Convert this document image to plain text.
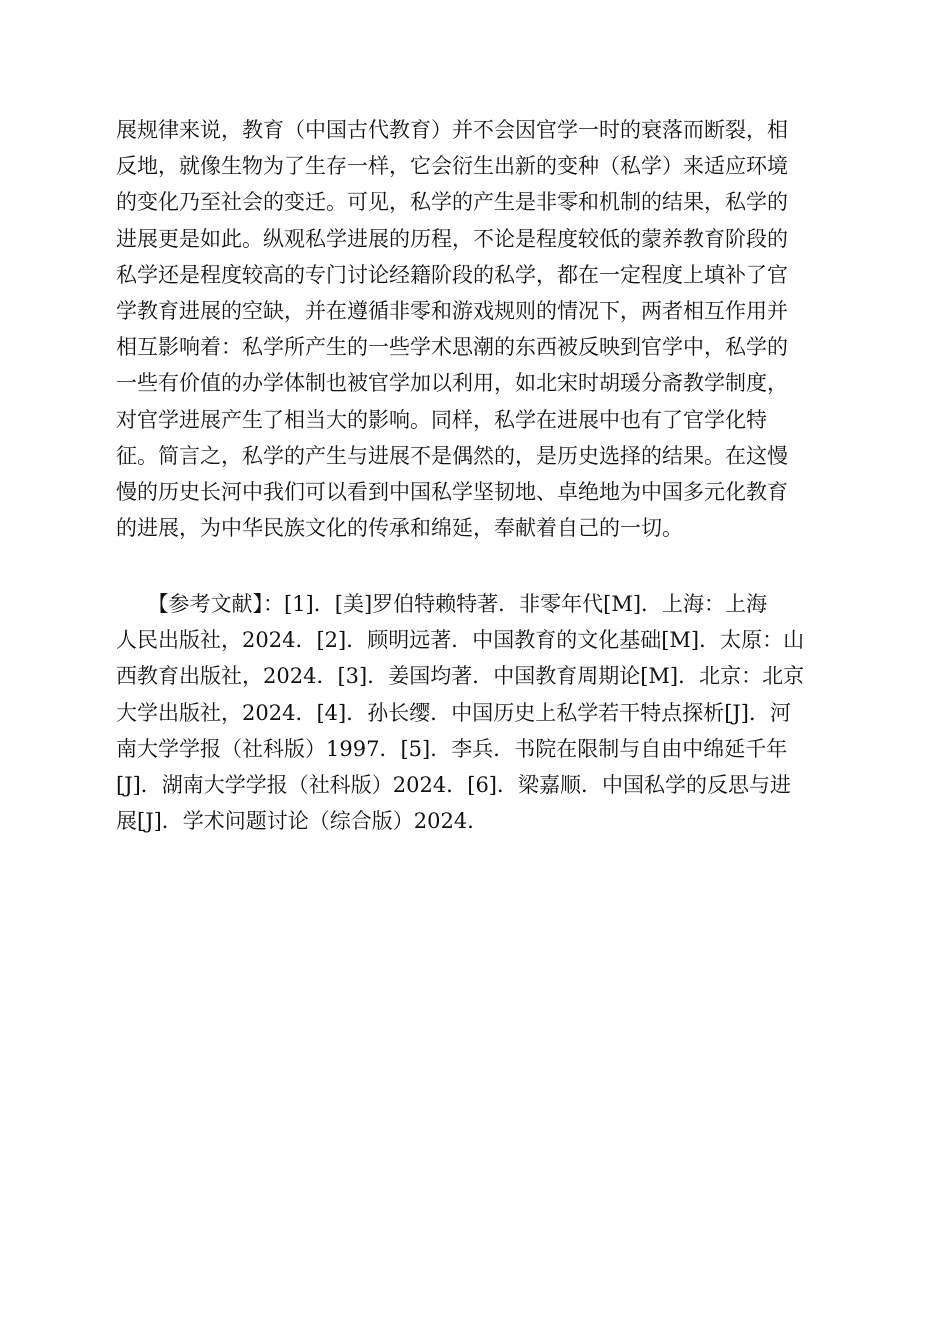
展规律来说，教育（中国古代教育）并不会因官学一时的衰落而断裂，相
反地，就像生物为了生存一样，它会衍生出新的变种（私学）来适应环境
的变化乃至社会的变迁。可见，私学的产生是非零和机制的结果，私学的
进展更是如此。纵观私学进展的历程，不论是程度较低的蒙养教育阶段的
私学还是程度较高的专门讨论经籍阶段的私学，都在一定程度上填补了官
学教育进展的空缺，并在遵循非零和游戏规则的情况下，两者相互作用并
相互影响着：私学所产生的一些学术思潮的东西被反映到官学中，私学的
一些有价值的办学体制也被官学加以利用，如北宋时胡瑗分斋教学制度，
对官学进展产生了相当大的影响。同样，私学在进展中也有了官学化特
征。简言之，私学的产生与进展不是偶然的，是历史选择的结果。在这慢
慢的历史长河中我们可以看到中国私学坚韧地、卓绝地为中国多元化教育
的进展，为中华民族文化的传承和绵延，奉献着自己的一切。
　　【参考文献】：[1]．[美]罗伯特赖特著．非零年代[M]．上海：上海
人民出版社，2024．[2]．顾明远著．中国教育的文化基础[M]．太原：山
西教育出版社，2024．[3]．姜国均著．中国教育周期论[M]．北京：北京
大学出版社，2024．[4]．孙长缨．中国历史上私学若干特点探析[J]．河
南大学学报（社科版）1997．[5]．李兵．书院在限制与自由中绵延千年
[J]．湖南大学学报（社科版）2024．[6]．梁嘉顺．中国私学的反思与进
展[J]．学术问题讨论（综合版）2024．
